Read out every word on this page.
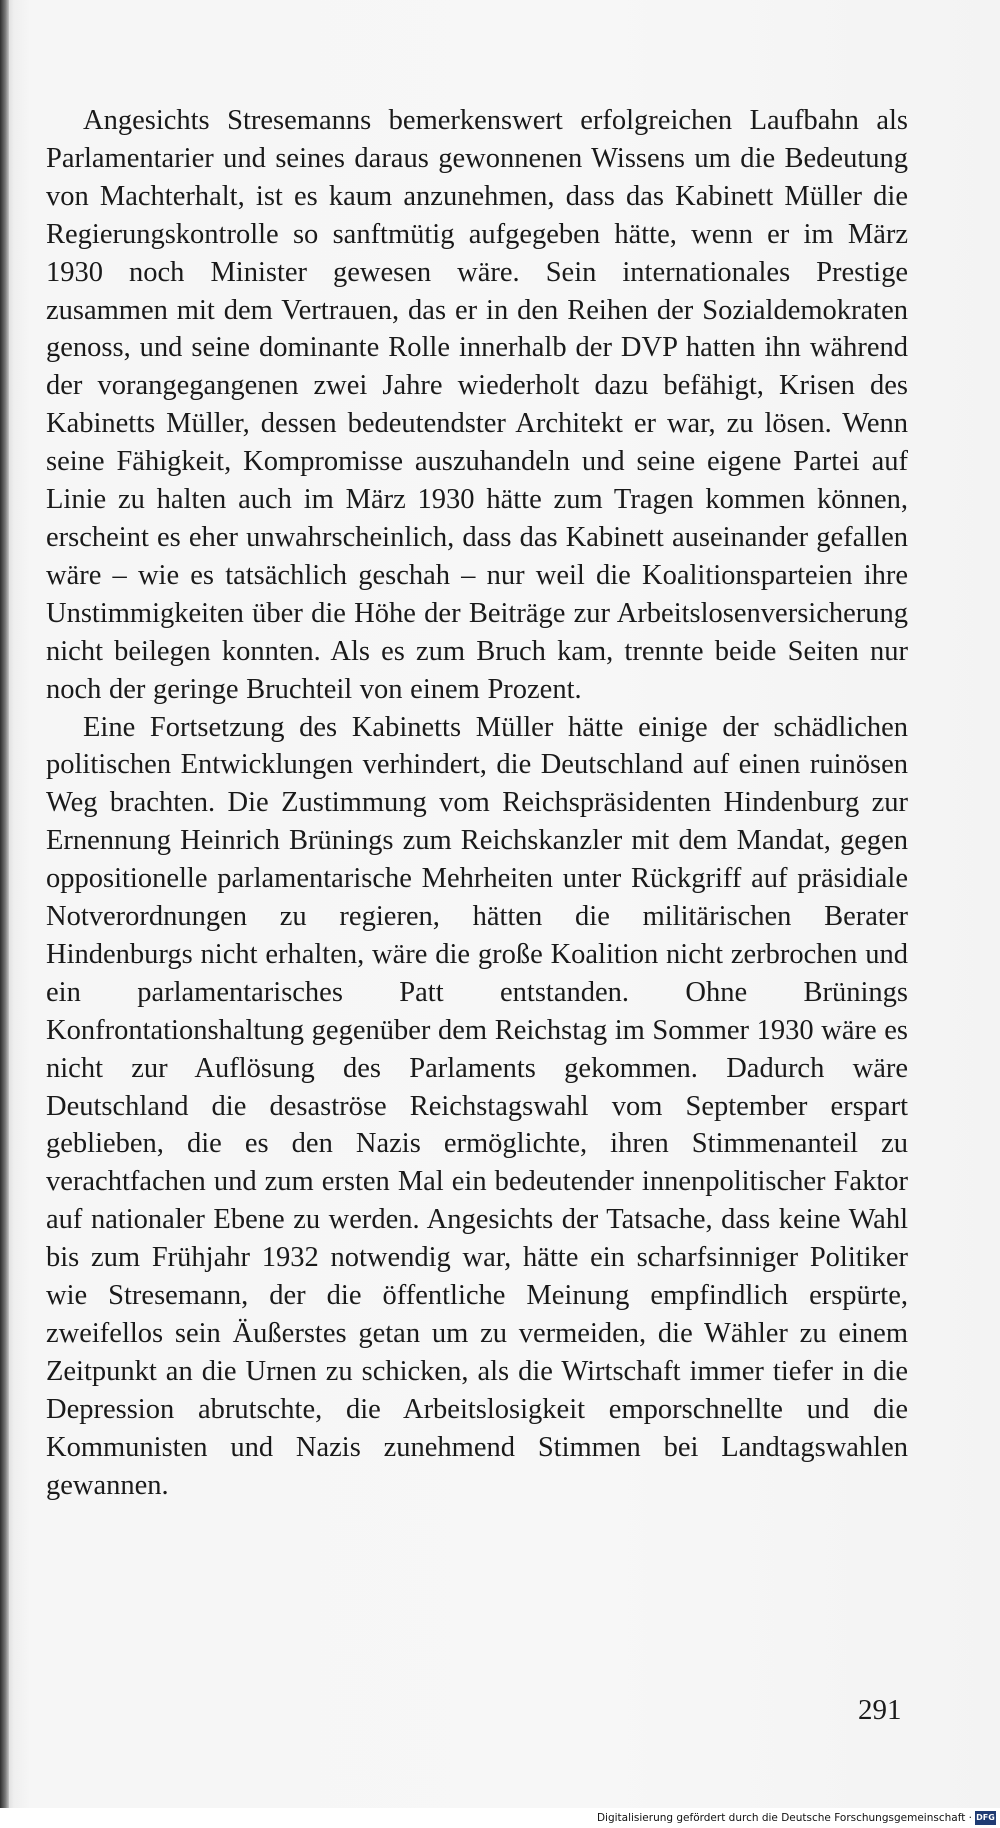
Angesichts Stresemanns bemerkenswert erfolgreichen Laufbahn als Parlamentarier und seines daraus gewonnenen Wissens um die Bedeutung von Machterhalt, ist es kaum anzunehmen, dass das Kabinett Müller die Regierungskontrolle so sanftmütig aufgegeben hätte, wenn er im März 1930 noch Minister gewesen wäre. Sein internationales Prestige zusammen mit dem Vertrauen, das er in den Reihen der Sozialdemokraten genoss, und seine dominante Rolle innerhalb der DVP hatten ihn während der vorangegangenen zwei Jahre wiederholt dazu befähigt, Krisen des Kabinetts Müller, dessen bedeutendster Architekt er war, zu lösen. Wenn seine Fähigkeit, Kompromisse auszuhandeln und seine eigene Partei auf Linie zu halten auch im März 1930 hätte zum Tragen kommen können, erscheint es eher unwahrscheinlich, dass das Kabinett auseinander gefallen wäre – wie es tatsächlich geschah – nur weil die Koalitionsparteien ihre Unstimmigkeiten über die Höhe der Beiträge zur Arbeitslosenversicherung nicht beilegen konnten. Als es zum Bruch kam, trennte beide Seiten nur noch der geringe Bruchteil von einem Prozent.

Eine Fortsetzung des Kabinetts Müller hätte einige der schädlichen politischen Entwicklungen verhindert, die Deutschland auf einen ruinösen Weg brachten. Die Zustimmung vom Reichspräsidenten Hindenburg zur Ernennung Heinrich Brünings zum Reichskanzler mit dem Mandat, gegen oppositionelle parlamentarische Mehrheiten unter Rückgriff auf präsidiale Notverordnungen zu regieren, hätten die militärischen Berater Hindenburgs nicht erhalten, wäre die große Koalition nicht zerbrochen und ein parlamentarisches Patt entstanden. Ohne Brünings Konfrontationshaltung gegenüber dem Reichstag im Sommer 1930 wäre es nicht zur Auflösung des Parlaments gekommen. Dadurch wäre Deutschland die desaströse Reichstagswahl vom September erspart geblieben, die es den Nazis ermöglichte, ihren Stimmenanteil zu verachtfachen und zum ersten Mal ein bedeutender innenpolitischer Faktor auf nationaler Ebene zu werden. Angesichts der Tatsache, dass keine Wahl bis zum Frühjahr 1932 notwendig war, hätte ein scharfsinniger Politiker wie Stresemann, der die öffentliche Meinung empfindlich erspürte, zweifellos sein Äußerstes getan um zu vermeiden, die Wähler zu einem Zeitpunkt an die Urnen zu schicken, als die Wirtschaft immer tiefer in die Depression abrutschte, die Arbeitslosigkeit emporschnellte und die Kommunisten und Nazis zunehmend Stimmen bei Landtagswahlen gewannen.

291
Digitalisierung gefördert durch die Deutsche Forschungsgemeinschaft · DFG
